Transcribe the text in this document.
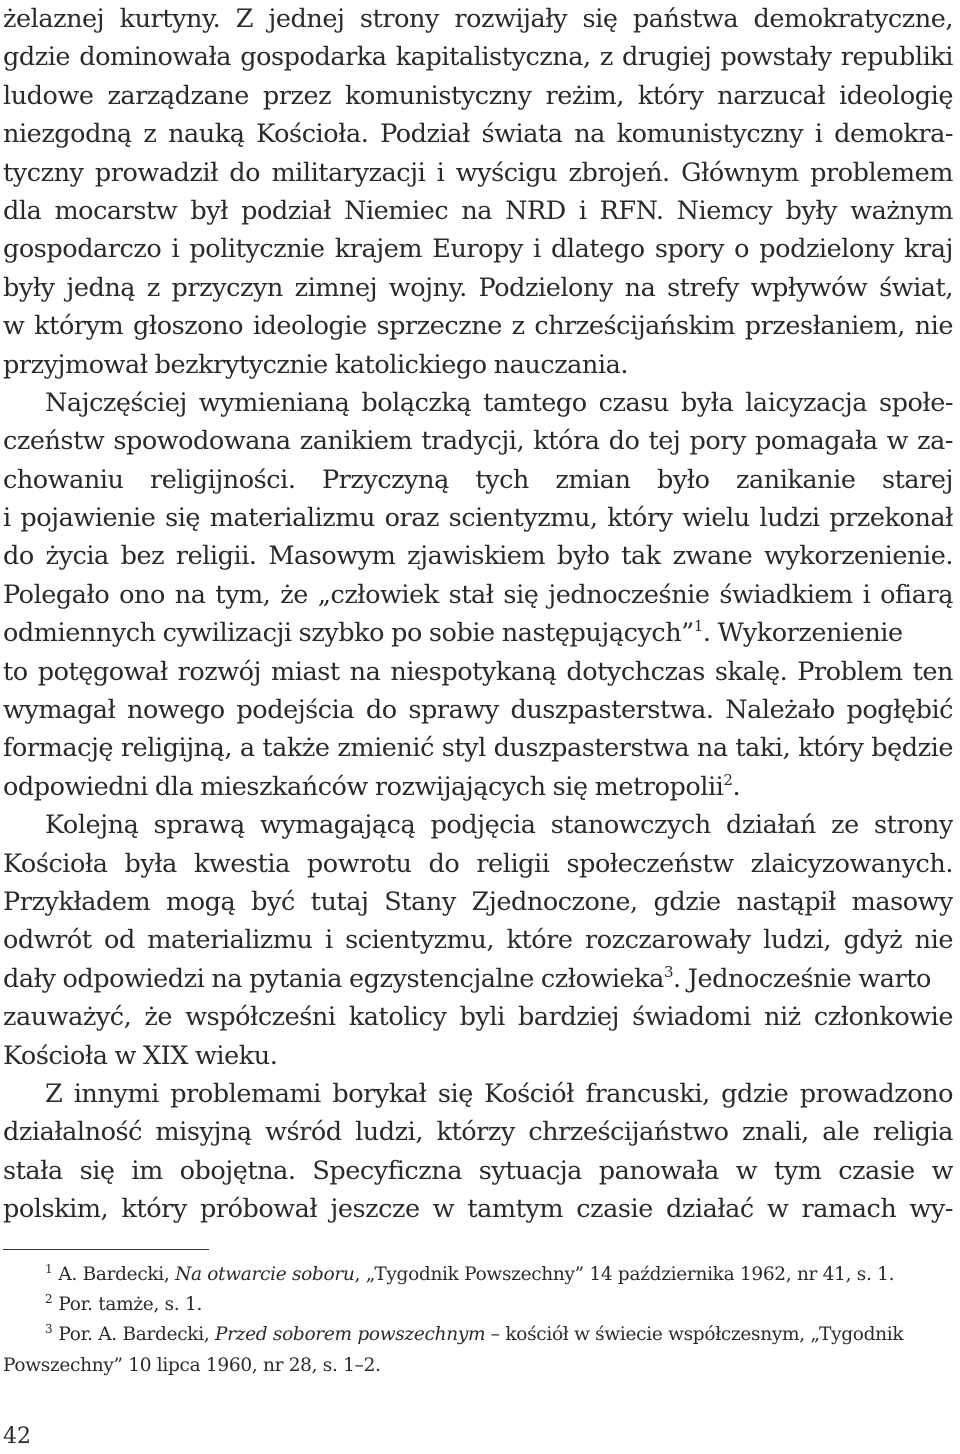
żelaznej kurtyny. Z jednej strony rozwijały się państwa demokratyczne,
gdzie dominowała gospodarka kapitalistyczna, z drugiej powstały republiki
ludowe zarządzane przez komunistyczny reżim, który narzucał ideologię
niezgodną z nauką Kościoła. Podział świata na komunistyczny i demokra-
tyczny prowadził do militaryzacji i wyścigu zbrojeń. Głównym problemem
dla mocarstw był podział Niemiec na NRD i RFN. Niemcy były ważnym
gospodarczo i politycznie krajem Europy i dlatego spory o podzielony kraj
były jedną z przyczyn zimnej wojny. Podzielony na strefy wpływów świat,
w którym głoszono ideologie sprzeczne z chrześcijańskim przesłaniem, nie
przyjmował bezkrytycznie katolickiego nauczania.
Najczęściej wymienianą bolączką tamtego czasu była laicyzacja społe-
czeństw spowodowana zanikiem tradycji, która do tej pory pomagała w za-
chowaniu religijności. Przyczyną tych zmian było zanikanie starej
i pojawienie się materializmu oraz scientyzmu, który wielu ludzi przekonał
do życia bez religii. Masowym zjawiskiem było tak zwane wykorzenienie.
Polegało ono na tym, że „człowiek stał się jednocześnie świadkiem i ofiarą
odmiennych cywilizacji szybko po sobie następujących”$^1$. Wykorzenienie
to potęgował rozwój miast na niespotykaną dotychczas skalę. Problem ten
wymagał nowego podejścia do sprawy duszpasterstwa. Należało pogłębić
formację religijną, a także zmienić styl duszpasterstwa na taki, który będzie
odpowiedni dla mieszkańców rozwijających się metropolii$^2$.
Kolejną sprawą wymagającą podjęcia stanowczych działań ze strony
Kościoła była kwestia powrotu do religii społeczeństw zlaicyzowanych.
Przykładem mogą być tutaj Stany Zjednoczone, gdzie nastąpił masowy
odwrót od materializmu i scientyzmu, które rozczarowały ludzi, gdyż nie
dały odpowiedzi na pytania egzystencjalne człowieka$^3$. Jednocześnie warto
zauważyć, że współcześni katolicy byli bardziej świadomi niż członkowie
Kościoła w XIX wieku.
Z innymi problemami borykał się Kościół francuski, gdzie prowadzono
działalność misyjną wśród ludzi, którzy chrześcijaństwo znali, ale religia
stała się im obojętna. Specyficzna sytuacja panowała w tym czasie w
polskim, który próbował jeszcze w tamtym czasie działać w ramach wy-
$^1$ A. Bardecki, Na otwarcie soboru, „Tygodnik Powszechny” 14 października 1962, nr 41, s. 1.
$^2$ Por. tamże, s. 1.
$^3$ Por. A. Bardecki, Przed soborem powszechnym – kościół w świecie współczesnym, „Tygodnik
Powszechny” 10 lipca 1960, nr 28, s. 1–2.
42
